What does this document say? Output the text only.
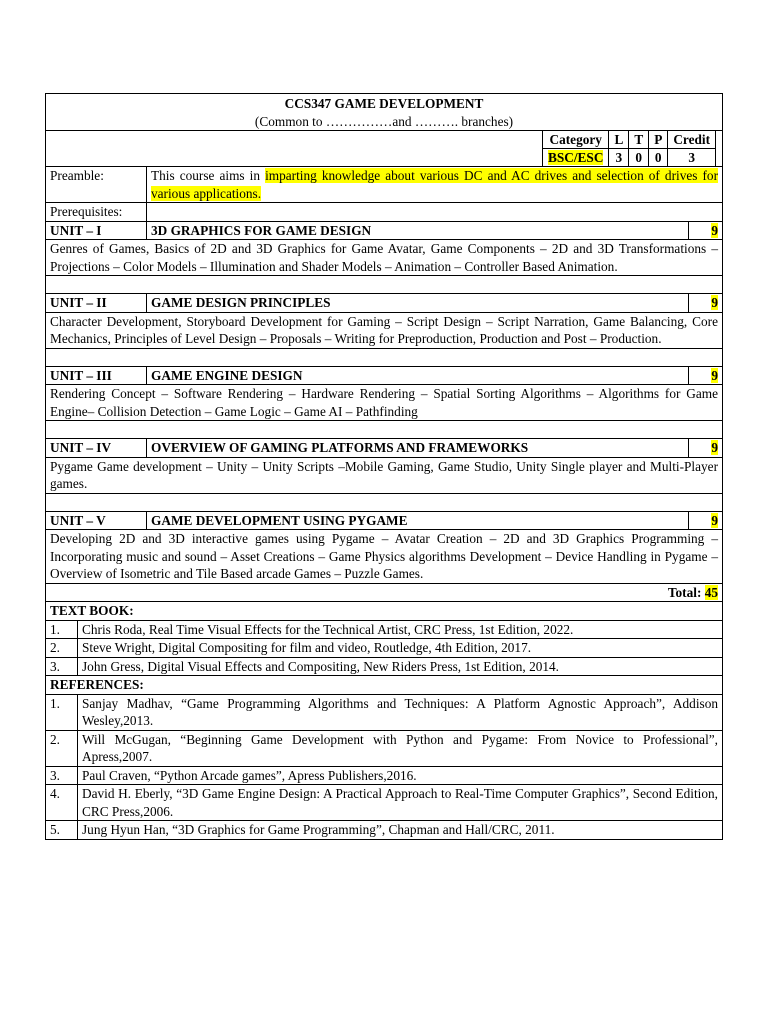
CCS347 GAME DEVELOPMENT
(Common to ……………and ………. branches)

Category	L	T	P	Credit
BSC/ESC	3	0	0	3

Preamble:	This course aims in imparting knowledge about various DC and AC drives and selection of drives for various applications.
Prerequisites:	
UNIT – I	3D GRAPHICS FOR GAME DESIGN	9
Genres of Games, Basics of 2D and 3D Graphics for Game Avatar, Game Components – 2D and 3D Transformations – Projections – Color Models – Illumination and Shader Models – Animation – Controller Based Animation.

UNIT – II	GAME DESIGN PRINCIPLES	9
Character Development, Storyboard Development for Gaming – Script Design – Script Narration, Game Balancing, Core Mechanics, Principles of Level Design – Proposals – Writing for Preproduction, Production and Post – Production.

UNIT – III	GAME ENGINE DESIGN	9
Rendering Concept – Software Rendering – Hardware Rendering – Spatial Sorting Algorithms – Algorithms for Game Engine– Collision Detection – Game Logic – Game AI – Pathfinding

UNIT – IV	OVERVIEW OF GAMING PLATFORMS AND FRAMEWORKS	9
Pygame Game development – Unity – Unity Scripts –Mobile Gaming, Game Studio, Unity Single player and Multi-Player games.

UNIT – V	GAME DEVELOPMENT USING PYGAME	9
Developing 2D and 3D interactive games using Pygame – Avatar Creation – 2D and 3D Graphics Programming – Incorporating music and sound – Asset Creations – Game Physics algorithms Development – Device Handling in Pygame – Overview of Isometric and Tile Based arcade Games – Puzzle Games.
Total: 45
TEXT BOOK:
1.	Chris Roda, Real Time Visual Effects for the Technical Artist, CRC Press, 1st Edition, 2022.
2.	Steve Wright, Digital Compositing for film and video, Routledge, 4th Edition, 2017.
3.	John Gress, Digital Visual Effects and Compositing, New Riders Press, 1st Edition, 2014.
REFERENCES:
1.	Sanjay Madhav, “Game Programming Algorithms and Techniques: A Platform Agnostic Approach”, Addison Wesley,2013.
2.	Will McGugan, “Beginning Game Development with Python and Pygame: From Novice to Professional”, Apress,2007.
3.	Paul Craven, “Python Arcade games”, Apress Publishers,2016.
4.	David H. Eberly, “3D Game Engine Design: A Practical Approach to Real-Time Computer Graphics”, Second Edition, CRC Press,2006.
5.	Jung Hyun Han, “3D Graphics for Game Programming”, Chapman and Hall/CRC, 2011.
